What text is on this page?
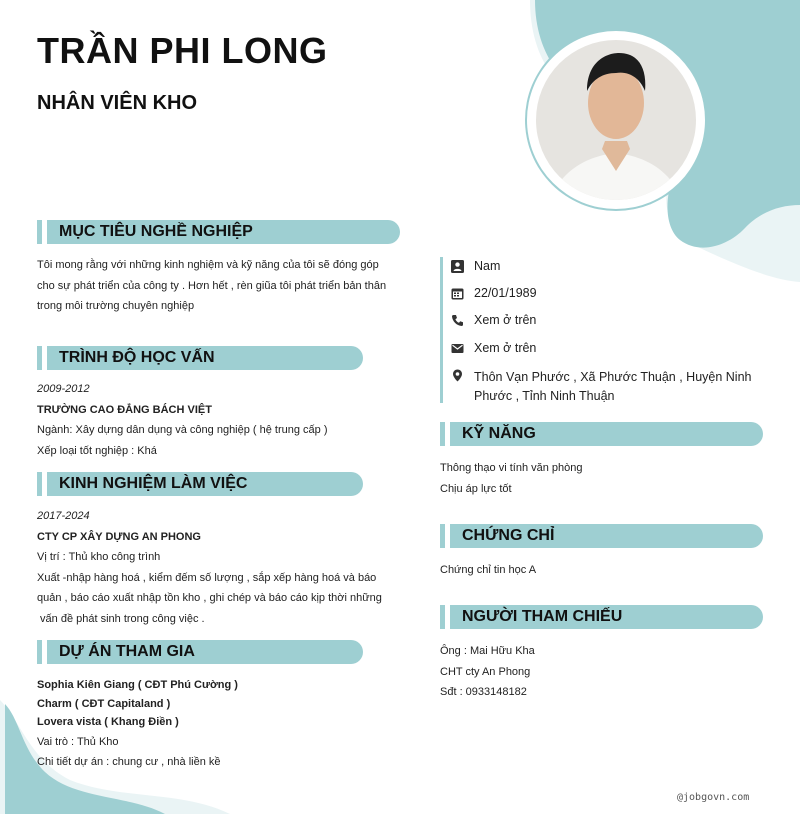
TRẦN PHI LONG
NHÂN VIÊN KHO
MỤC TIÊU NGHỀ NGHIỆP
Tôi mong rằng với những kinh nghiệm và kỹ năng của tôi sẽ đóng góp
cho sự phát triển của công ty . Hơn hết , rèn giũa tôi phát triển bản thân
trong môi trường chuyên nghiệp
TRÌNH ĐỘ HỌC VẤN
2009-2012
TRƯỜNG CAO ĐẲNG BÁCH VIỆT
Ngành: Xây dựng dân dụng và công nghiệp ( hệ trung cấp )
Xếp loại tốt nghiệp : Khá
KINH NGHIỆM LÀM VIỆC
2017-2024
CTY CP XÂY DỰNG AN PHONG
Vị trí : Thủ kho công trình
Xuất -nhập hàng hoá , kiểm đếm số lượng , sắp xếp hàng hoá và báo
quản , báo cáo xuất nhập tồn kho , ghi chép và báo cáo kịp thời những
vấn đề phát sinh trong công việc .
DỰ ÁN THAM GIA
Sophia Kiên Giang ( CĐT Phú Cường )
Charm ( CĐT Capitaland )
Lovera vista ( Khang Điền )
Vai trò : Thủ Kho
Chi tiết dự án : chung cư , nhà liền kề
Nam
22/01/1989
Xem ở trên
Xem ở trên
Thôn Vạn Phước , Xã Phước Thuận , Huyện Ninh
Phước , Tỉnh Ninh Thuận
KỸ NĂNG
Thông thạo vi tính văn phòng
Chịu áp lực tốt
CHỨNG CHỈ
Chứng chỉ tin học A
NGƯỜI THAM CHIẾU
Ông : Mai Hữu Kha
CHT cty An Phong
Sđt : 0933148182
@jobgovn.com
